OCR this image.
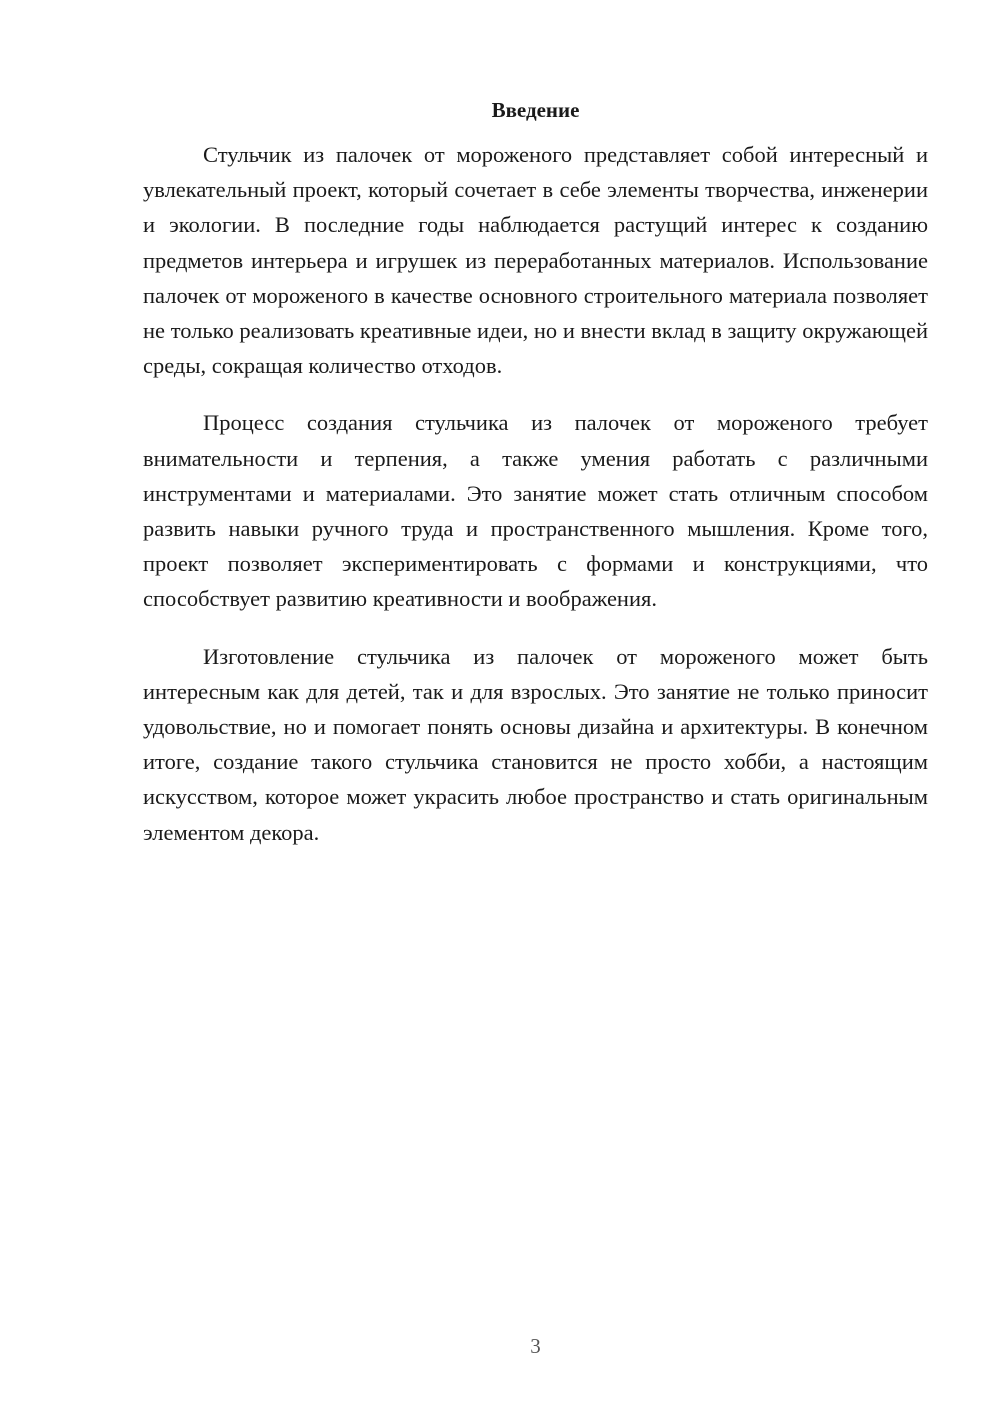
Введение

Стульчик из палочек от мороженого представляет собой интересный и увлекательный проект, который сочетает в себе элементы творчества, инженерии и экологии. В последние годы наблюдается растущий интерес к созданию предметов интерьера и игрушек из переработанных материалов. Использование палочек от мороженого в качестве основного строительного материала позволяет не только реализовать креативные идеи, но и внести вклад в защиту окружающей среды, сокращая количество отходов.

Процесс создания стульчика из палочек от мороженого требует внимательности и терпения, а также умения работать с различными инструментами и материалами. Это занятие может стать отличным способом развить навыки ручного труда и пространственного мышления. Кроме того, проект позволяет экспериментировать с формами и конструкциями, что способствует развитию креативности и воображения.

Изготовление стульчика из палочек от мороженого может быть интересным как для детей, так и для взрослых. Это занятие не только приносит удовольствие, но и помогает понять основы дизайна и архитектуры. В конечном итоге, создание такого стульчика становится не просто хобби, а настоящим искусством, которое может украсить любое пространство и стать оригинальным элементом декора.

3
